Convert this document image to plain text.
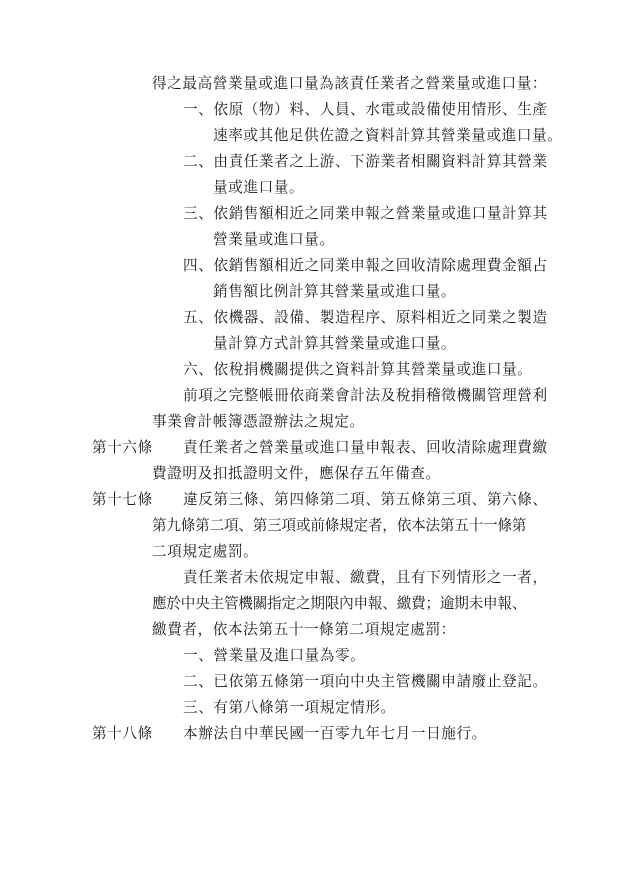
得之最高營業量或進口量為該責任業者之營業量或進口量：
一、依原（物）料、人員、水電或設備使用情形、生產
速率或其他足供佐證之資料計算其營業量或進口量。
二、由責任業者之上游、下游業者相關資料計算其營業
量或進口量。
三、依銷售額相近之同業申報之營業量或進口量計算其
營業量或進口量。
四、依銷售額相近之同業申報之回收清除處理費金額占
銷售額比例計算其營業量或進口量。
五、依機器、設備、製造程序、原料相近之同業之製造
量計算方式計算其營業量或進口量。
六、依稅捐機關提供之資料計算其營業量或進口量。
前項之完整帳冊依商業會計法及稅捐稽徵機關管理營利
事業會計帳簿憑證辦法之規定。
第十六條 責任業者之營業量或進口量申報表、回收清除處理費繳
費證明及扣抵證明文件，應保存五年備查。
第十七條 違反第三條、第四條第二項、第五條第三項、第六條、
第九條第二項、第三項或前條規定者，依本法第五十一條第
二項規定處罰。
責任業者未依規定申報、繳費，且有下列情形之一者，
應於中央主管機關指定之期限內申報、繳費；逾期未申報、
繳費者，依本法第五十一條第二項規定處罰：
一、營業量及進口量為零。
二、已依第五條第一項向中央主管機關申請廢止登記。
三、有第八條第一項規定情形。
第十八條 本辦法自中華民國一百零九年七月一日施行。
